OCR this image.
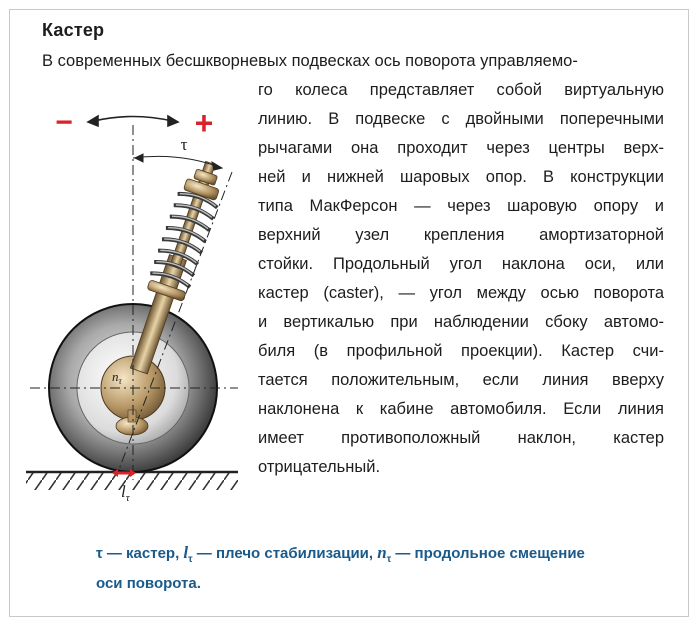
Кастер
В современных бесшкворневых подвесках ось поворота управляемо-
го колеса представляет собой виртуальную
линию. В подвеске с двойными поперечными
рычагами она проходит через центры верх-
ней и нижней шаровых опор. В конструкции
типа МакФерсон — через шаровую опору и
верхний узел крепления амортизаторной
стойки. Продольный угол наклона оси, или
кастер (caster), — угол между осью поворота
и вертикалью при наблюдении сбоку автомо-
биля (в профильной проекции). Кастер счи-
тается положительным, если линия вверху
наклонена к кабине автомобиля. Если линия
имеет противоположный наклон, кастер
отрицательный.
−	+
τ
$n_\tau$
$l_\tau$
τ — кастер, $l_\tau$ — плечо стабилизации, $n_\tau$ — продольное смещение
оси поворота.
